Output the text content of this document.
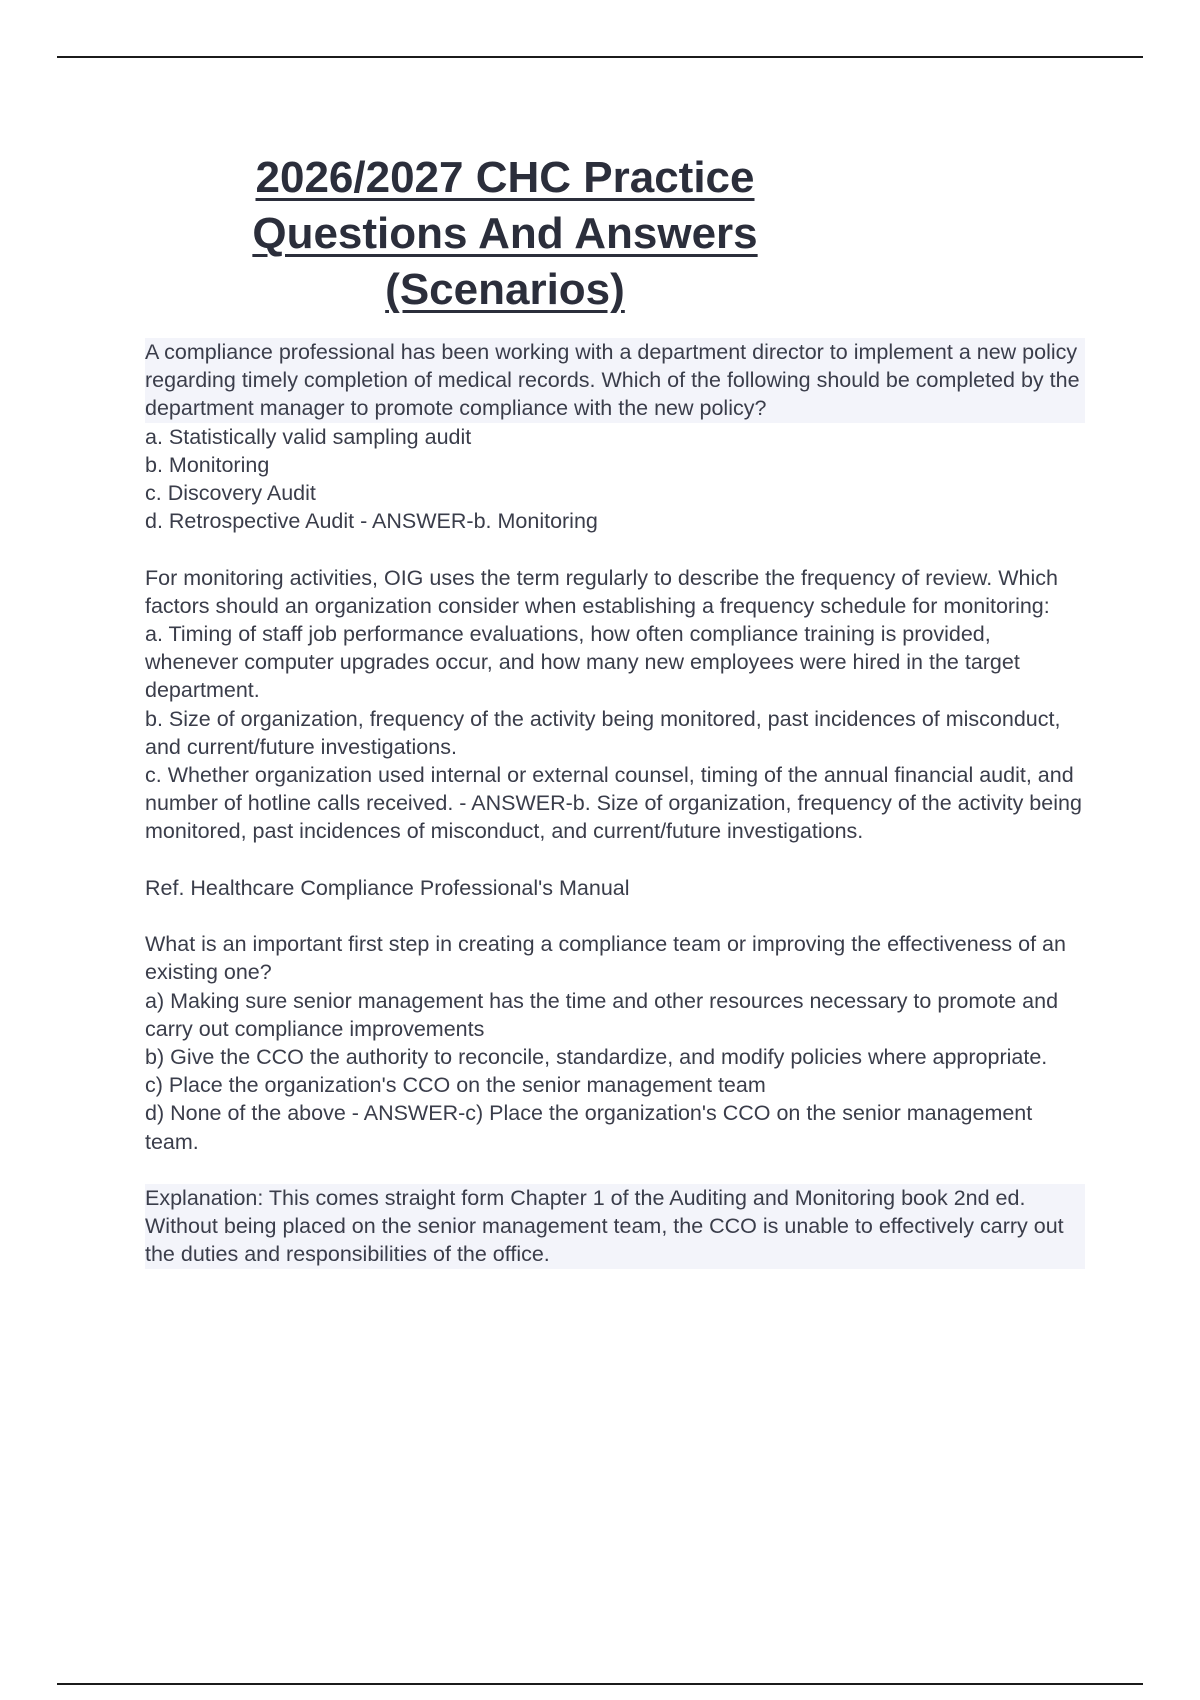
2026/2027 CHC Practice
Questions And Answers
(Scenarios)
A compliance professional has been working with a department director to implement a new policy regarding timely completion of medical records. Which of the following should be completed by the department manager to promote compliance with the new policy?
a. Statistically valid sampling audit
b. Monitoring
c. Discovery Audit
d. Retrospective Audit - ANSWER-b. Monitoring
For monitoring activities, OIG uses the term regularly to describe the frequency of review. Which factors should an organization consider when establishing a frequency schedule for monitoring:
a. Timing of staff job performance evaluations, how often compliance training is provided, whenever computer upgrades occur, and how many new employees were hired in the target department.
b. Size of organization, frequency of the activity being monitored, past incidences of misconduct, and current/future investigations.
c. Whether organization used internal or external counsel, timing of the annual financial audit, and number of hotline calls received. - ANSWER-b. Size of organization, frequency of the activity being monitored, past incidences of misconduct, and current/future investigations.
Ref. Healthcare Compliance Professional's Manual
What is an important first step in creating a compliance team or improving the effectiveness of an existing one?
a) Making sure senior management has the time and other resources necessary to promote and carry out compliance improvements
b) Give the CCO the authority to reconcile, standardize, and modify policies where appropriate.
c) Place the organization's CCO on the senior management team
d) None of the above - ANSWER-c) Place the organization's CCO on the senior management team.
Explanation: This comes straight form Chapter 1 of the Auditing and Monitoring book 2nd ed. Without being placed on the senior management team, the CCO is unable to effectively carry out the duties and responsibilities of the office.
